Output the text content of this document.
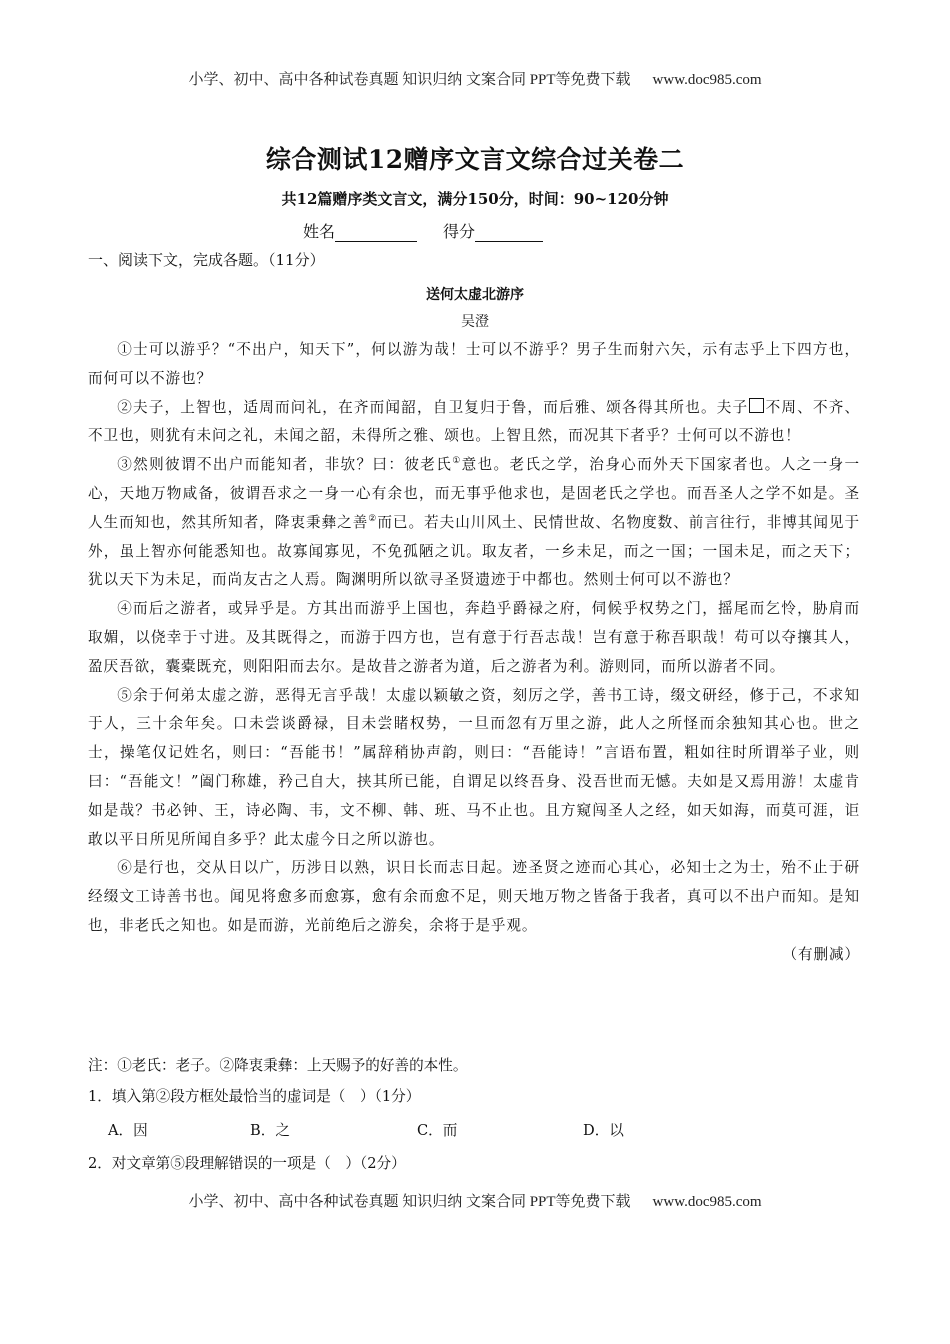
小学、初中、高中各种试卷真题 知识归纳 文案合同 PPT等免费下载 www.doc985.com
综合测试12赠序文言文综合过关卷二
共12篇赠序类文言文，满分150分，时间：90~120分钟
姓名	得分
一、阅读下文，完成各题。（11分）
送何太虚北游序
吴澄

①士可以游乎？“不出户，知天下”，何以游为哉！士可以不游乎？男子生而射六矢，示有志乎上下四方也，而何可以不游也？

②夫子，上智也，适周而问礼，在齐而闻韶，自卫复归于鲁，而后雅、颂各得其所也。夫子 不周、不齐、不卫也，则犹有未问之礼，未闻之韶，未得所之雅、颂也。上智且然，而况其下者乎？士何可以不游也！

③然则彼谓不出户而能知者，非欤？曰：彼老氏①意也。老氏之学，治身心而外天下国家者也。人之一身一心，天地万物咸备，彼谓吾求之一身一心有余也，而无事乎他求也，是固老氏之学也。而吾圣人之学不如是。圣人生而知也，然其所知者，降衷秉彝之善②而已。若夫山川风土、民情世故、名物度数、前言往行，非博其闻见于外，虽上智亦何能悉知也。故寡闻寡见，不免孤陋之讥。取友者，一乡未足，而之一国；一国未足，而之天下；犹以天下为未足，而尚友古之人焉。陶渊明所以欲寻圣贤遗迹于中都也。然则士何可以不游也？

④而后之游者，或异乎是。方其出而游乎上国也，奔趋乎爵禄之府，伺候乎权势之门，摇尾而乞怜，胁肩而取媚，以侥幸于寸进。及其既得之，而游于四方也，岂有意于行吾志哉！岂有意于称吾职哉！苟可以夺攘其人，盈厌吾欲，囊橐既充，则阳阳而去尔。是故昔之游者为道，后之游者为利。游则同，而所以游者不同。

⑤余于何弟太虚之游，恶得无言乎哉！太虚以颖敏之资，刻厉之学，善书工诗，缀文研经，修于己，不求知于人，三十余年矣。口未尝谈爵禄，目未尝睹权势，一旦而忽有万里之游，此人之所怪而余独知其心也。世之士，操笔仅记姓名，则曰：“吾能书！”属辞稍协声韵，则曰：“吾能诗！”言语布置，粗如往时所谓举子业，则曰：“吾能文！”阖门称雄，矜己自大，挟其所已能，自谓足以终吾身、没吾世而无憾。夫如是又焉用游！太虚肯如是哉？书必钟、王，诗必陶、韦，文不柳、韩、班、马不止也。且方窥闯圣人之经，如天如海，而莫可涯，讵敢以平日所见所闻自多乎？此太虚今日之所以游也。

⑥是行也，交从日以广，历涉日以熟，识日长而志日起。迹圣贤之迹而心其心，必知士之为士，殆不止于研经缀文工诗善书也。闻见将愈多而愈寡，愈有余而愈不足，则天地万物之皆备于我者，真可以不出户而知。是知也，非老氏之知也。如是而游，光前绝后之游矣，余将于是乎观。

（有删减）

注：①老氏：老子。②降衷秉彝：上天赐予的好善的本性。
1．填入第②段方框处最恰当的虚词是（　）（1分）
A．因	B．之	C．而	D．以
2．对文章第⑤段理解错误的一项是（　）（2分）
小学、初中、高中各种试卷真题 知识归纳 文案合同 PPT等免费下载 www.doc985.com
